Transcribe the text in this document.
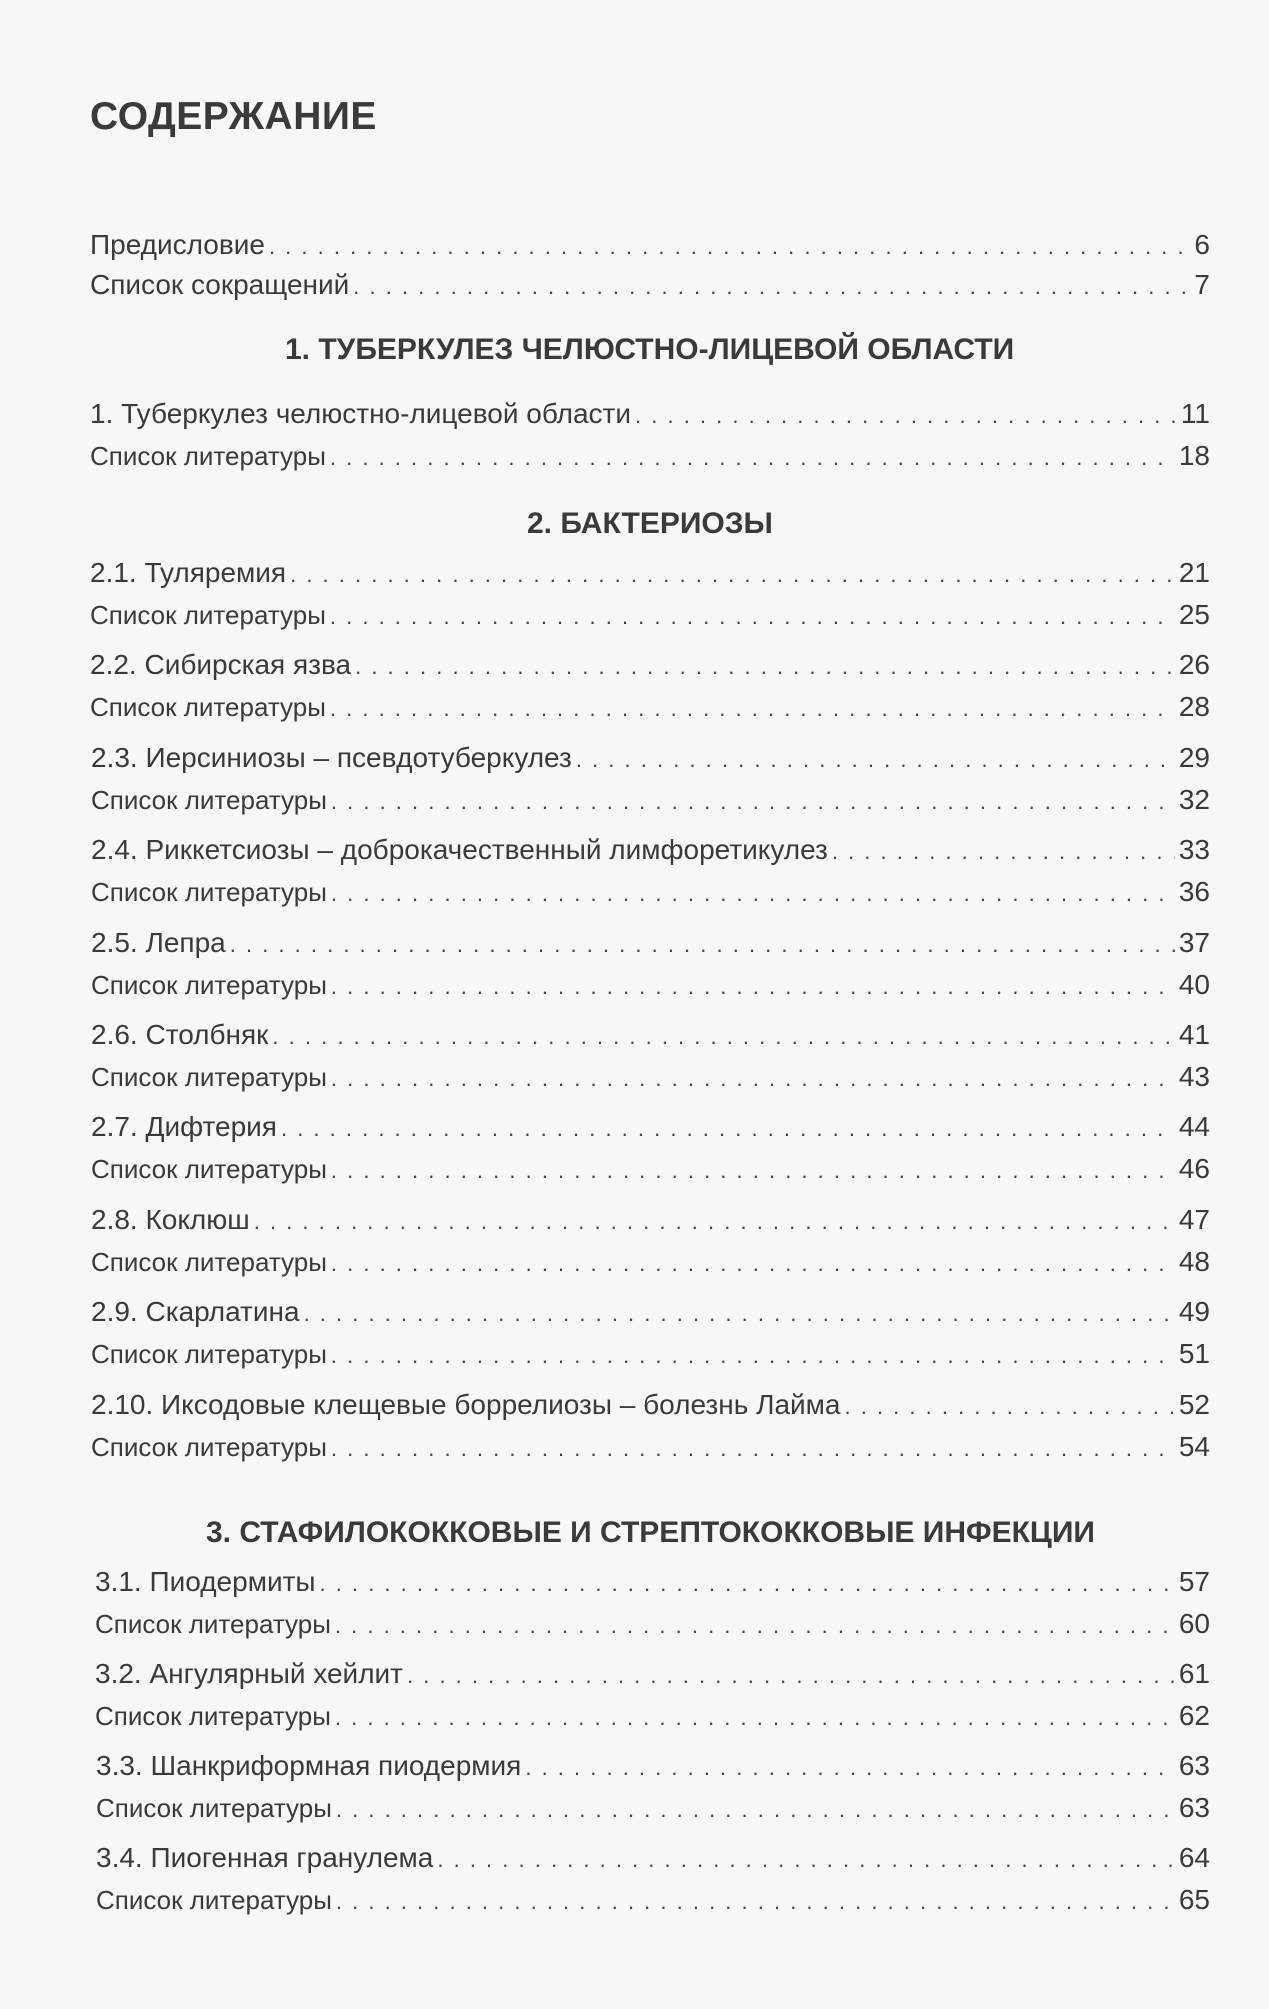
СОДЕРЖАНИЕ
Предисловие . . .	6
Список сокращений . . .	7
1. ТУБЕРКУЛЕЗ ЧЕЛЮСТНО-ЛИЦЕВОЙ ОБЛАСТИ
1. Туберкулез челюстно-лицевой области . . .	11
Список литературы . . .	18
2. БАКТЕРИОЗЫ
2.1. Туляремия . . .	21
Список литературы . . .	25
2.2. Сибирская язва . . .	26
Список литературы . . .	28
2.3. Иерсиниозы – псевдотуберкулез . . .	29
Список литературы . . .	32
2.4. Риккетсиозы – доброкачественный лимфоретикулез . . .	33
Список литературы . . .	36
2.5. Лепра . . .	37
Список литературы . . .	40
2.6. Столбняк . . .	41
Список литературы . . .	43
2.7. Дифтерия . . .	44
Список литературы . . .	46
2.8. Коклюш . . .	47
Список литературы . . .	48
2.9. Скарлатина . . .	49
Список литературы . . .	51
2.10. Иксодовые клещевые боррелиозы – болезнь Лайма . . .	52
Список литературы . . .	54
3. СТАФИЛОКОККОВЫЕ И СТРЕПТОКОККОВЫЕ ИНФЕКЦИИ
3.1. Пиодермиты . . .	57
Список литературы . . .	60
3.2. Ангулярный хейлит . . .	61
Список литературы . . .	62
3.3. Шанкриформная пиодермия . . .	63
Список литературы . . .	63
3.4. Пиогенная гранулема . . .	64
Список литературы . . .	65
